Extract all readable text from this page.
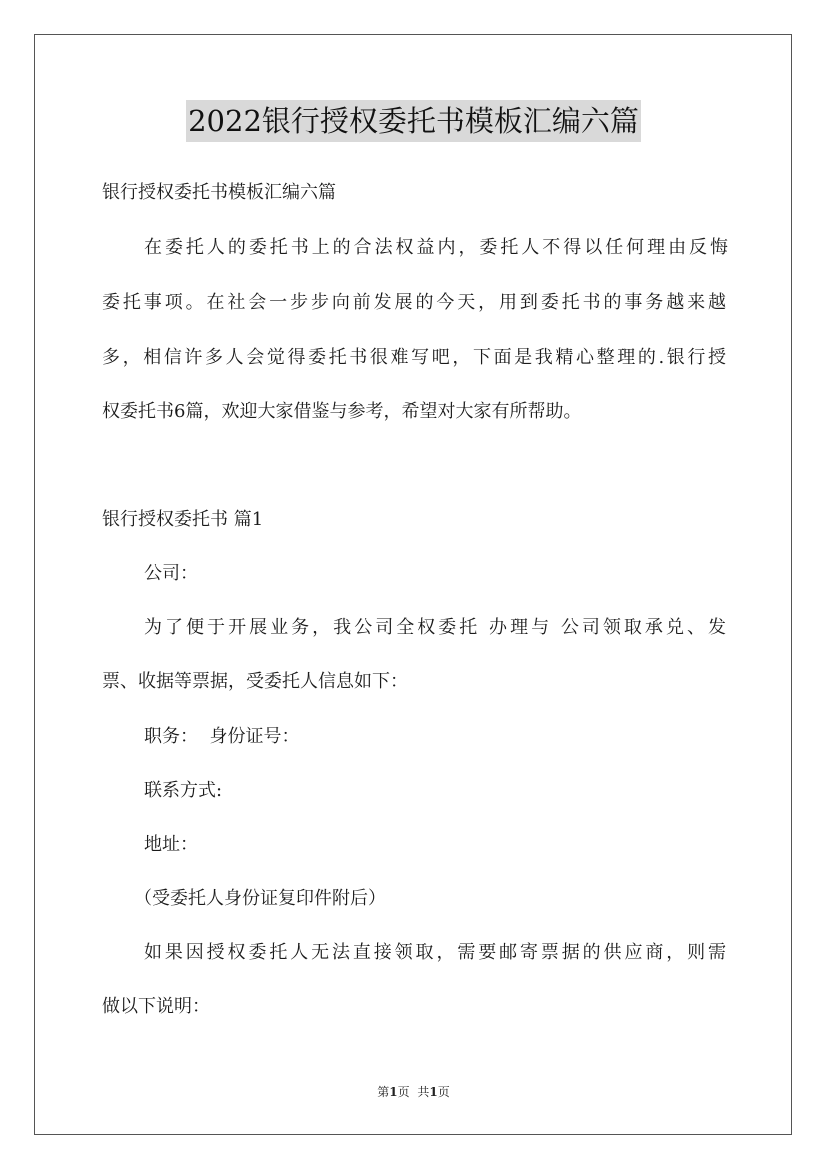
2022银行授权委托书模板汇编六篇
银行授权委托书模板汇编六篇
在委托人的委托书上的合法权益内，委托人不得以任何理由反悔
委托事项。在社会一步步向前发展的今天，用到委托书的事务越来越
多，相信许多人会觉得委托书很难写吧，下面是我精心整理的.银行授
权委托书6篇，欢迎大家借鉴与参考，希望对大家有所帮助。
银行授权委托书 篇1
公司：
为了便于开展业务，我公司全权委托 办理与 公司领取承兑、发
票、收据等票据，受委托人信息如下：
职务：  身份证号：
联系方式:
地址：
（受委托人身份证复印件附后）
如果因授权委托人无法直接领取，需要邮寄票据的供应商，则需
做以下说明：
第1页 共1页
